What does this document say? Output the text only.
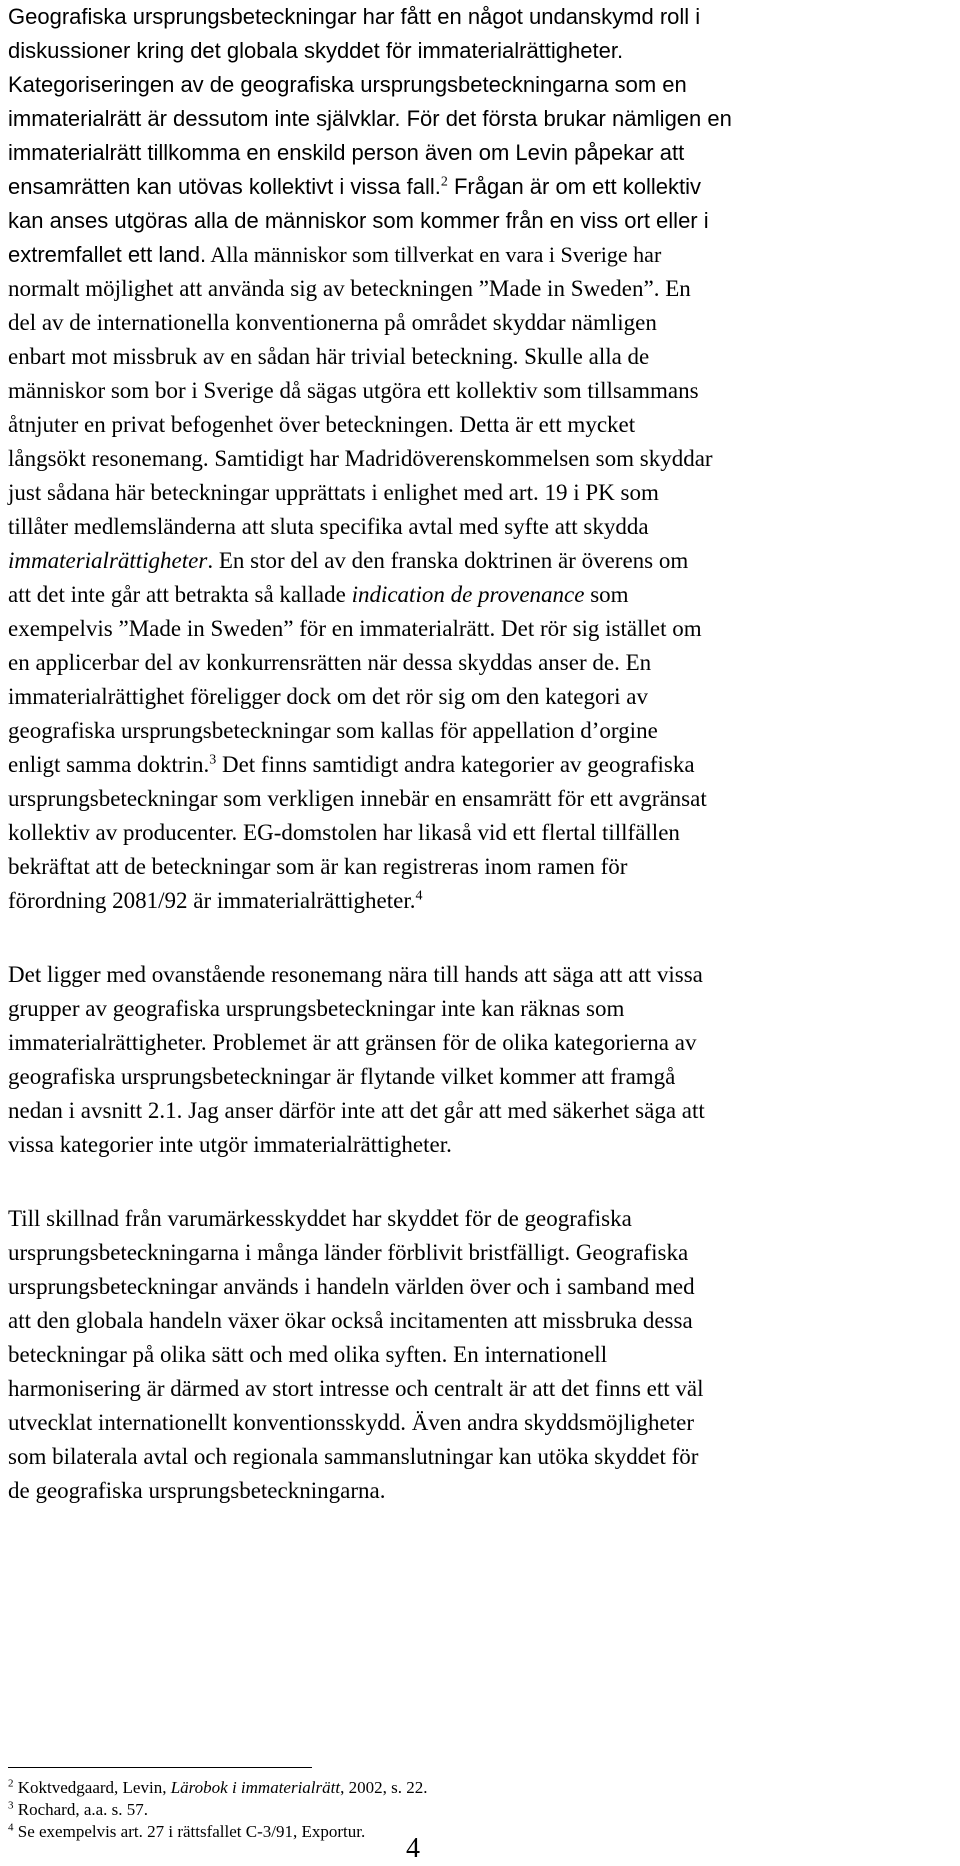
Geografiska ursprungsbeteckningar har fått en något undanskymd roll i
diskussioner kring det globala skyddet för immaterialrättigheter.
Kategoriseringen av de geografiska ursprungsbeteckningarna som en
immaterialrätt är dessutom inte självklar. För det första brukar nämligen en
immaterialrätt tillkomma en enskild person även om Levin påpekar att
ensamrätten kan utövas kollektivt i vissa fall.$^2$ Frågan är om ett kollektiv
kan anses utgöras alla de människor som kommer från en viss ort eller i
extremfallet ett land. Alla människor som tillverkat en vara i Sverige har
normalt möjlighet att använda sig av beteckningen ”Made in Sweden”. En
del av de internationella konventionerna på området skyddar nämligen
enbart mot missbruk av en sådan här trivial beteckning. Skulle alla de
människor som bor i Sverige då sägas utgöra ett kollektiv som tillsammans
åtnjuter en privat befogenhet över beteckningen. Detta är ett mycket
långsökt resonemang. Samtidigt har Madridöverenskommelsen som skyddar
just sådana här beteckningar upprättats i enlighet med art. 19 i PK som
tillåter medlemsländerna att sluta specifika avtal med syfte att skydda
immaterialrättigheter. En stor del av den franska doktrinen är överens om
att det inte går att betrakta så kallade indication de provenance som
exempelvis ”Made in Sweden” för en immaterialrätt. Det rör sig istället om
en applicerbar del av konkurrensrätten när dessa skyddas anser de. En
immaterialrättighet föreligger dock om det rör sig om den kategori av
geografiska ursprungsbeteckningar som kallas för appellation d’orgine
enligt samma doktrin.$^3$ Det finns samtidigt andra kategorier av geografiska
ursprungsbeteckningar som verkligen innebär en ensamrätt för ett avgränsat
kollektiv av producenter. EG-domstolen har likaså vid ett flertal tillfällen
bekräftat att de beteckningar som är kan registreras inom ramen för
förordning 2081/92 är immaterialrättigheter.$^4$
Det ligger med ovanstående resonemang nära till hands att säga att att vissa
grupper av geografiska ursprungsbeteckningar inte kan räknas som
immaterialrättigheter. Problemet är att gränsen för de olika kategorierna av
geografiska ursprungsbeteckningar är flytande vilket kommer att framgå
nedan i avsnitt 2.1. Jag anser därför inte att det går att med säkerhet säga att
vissa kategorier inte utgör immaterialrättigheter.
Till skillnad från varumärkesskyddet har skyddet för de geografiska
ursprungsbeteckningarna i många länder förblivit bristfälligt. Geografiska
ursprungsbeteckningar används i handeln världen över och i samband med
att den globala handeln växer ökar också incitamenten att missbruka dessa
beteckningar på olika sätt och med olika syften. En internationell
harmonisering är därmed av stort intresse och centralt är att det finns ett väl
utvecklat internationellt konventionsskydd. Även andra skyddsmöjligheter
som bilaterala avtal och regionala sammanslutningar kan utöka skyddet för
de geografiska ursprungsbeteckningarna.
$^2$ Koktvedgaard, Levin, Lärobok i immaterialrätt, 2002, s. 22.
$^3$ Rochard, a.a. s. 57.
$^4$ Se exempelvis art. 27 i rättsfallet C-3/91, Exportur.
4
